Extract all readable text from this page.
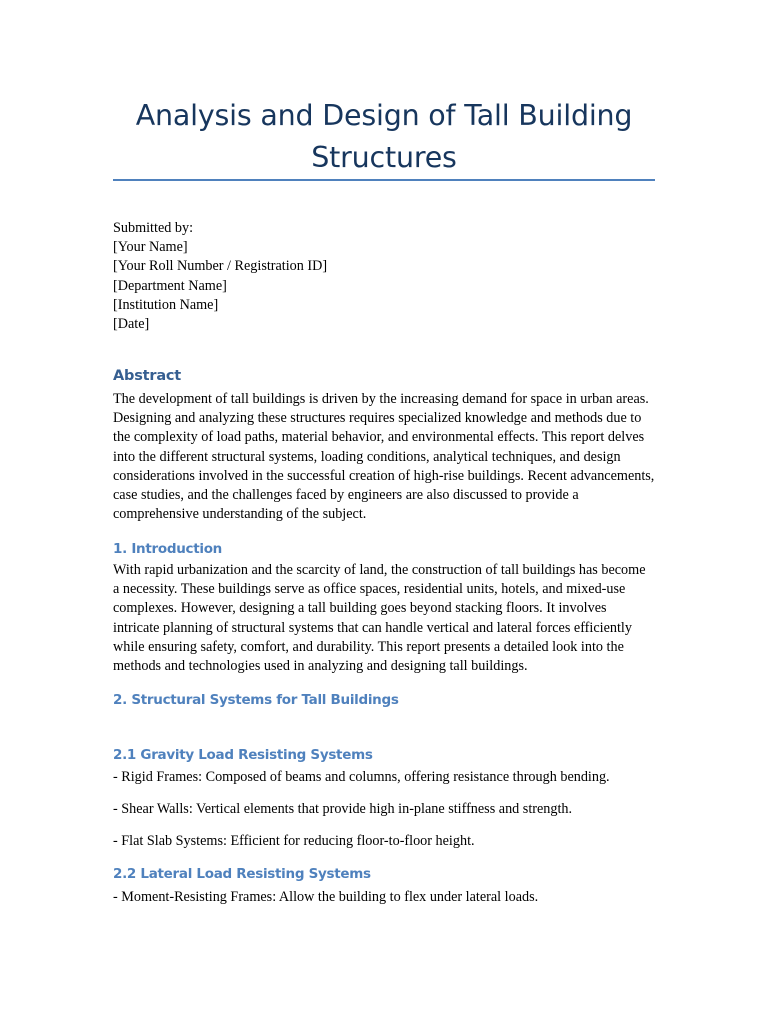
Analysis and Design of Tall Building Structures
Submitted by:
[Your Name]
[Your Roll Number / Registration ID]
[Department Name]
[Institution Name]
[Date]
Abstract

The development of tall buildings is driven by the increasing demand for space in urban areas. Designing and analyzing these structures requires specialized knowledge and methods due to the complexity of load paths, material behavior, and environmental effects. This report delves into the different structural systems, loading conditions, analytical techniques, and design considerations involved in the successful creation of high-rise buildings. Recent advancements, case studies, and the challenges faced by engineers are also discussed to provide a comprehensive understanding of the subject.

1. Introduction

With rapid urbanization and the scarcity of land, the construction of tall buildings has become a necessity. These buildings serve as office spaces, residential units, hotels, and mixed-use complexes. However, designing a tall building goes beyond stacking floors. It involves intricate planning of structural systems that can handle vertical and lateral forces efficiently while ensuring safety, comfort, and durability. This report presents a detailed look into the methods and technologies used in analyzing and designing tall buildings.

2. Structural Systems for Tall Buildings
2.1 Gravity Load Resisting Systems

- Rigid Frames: Composed of beams and columns, offering resistance through bending.

- Shear Walls: Vertical elements that provide high in-plane stiffness and strength.

- Flat Slab Systems: Efficient for reducing floor-to-floor height.

2.2 Lateral Load Resisting Systems

- Moment-Resisting Frames: Allow the building to flex under lateral loads.
